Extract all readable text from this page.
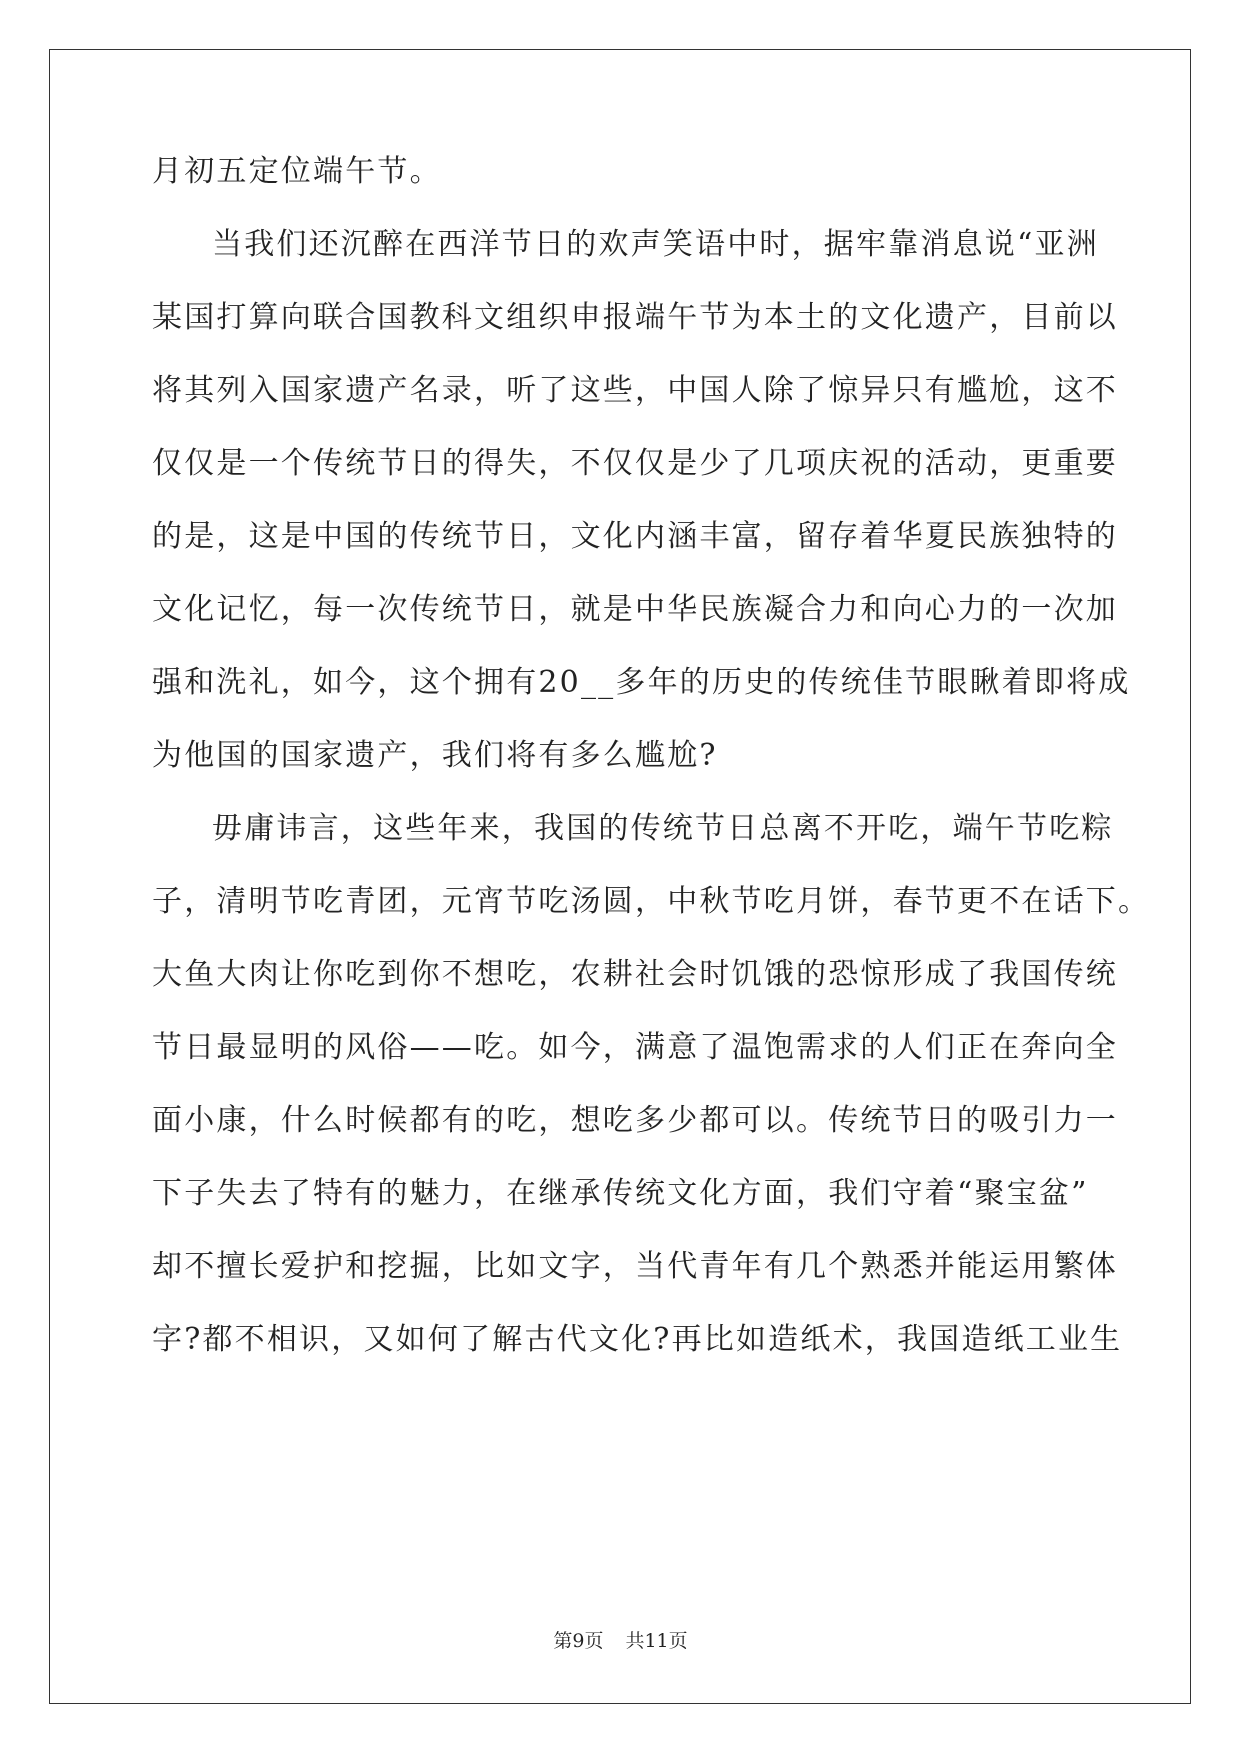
月初五定位端午节。
当我们还沉醉在西洋节日的欢声笑语中时，据牢靠消息说“亚洲
某国打算向联合国教科文组织申报端午节为本土的文化遗产，目前以
将其列入国家遗产名录，听了这些，中国人除了惊异只有尴尬，这不
仅仅是一个传统节日的得失，不仅仅是少了几项庆祝的活动，更重要
的是，这是中国的传统节日，文化内涵丰富，留存着华夏民族独特的
文化记忆，每一次传统节日，就是中华民族凝合力和向心力的一次加
强和洗礼，如今，这个拥有20__多年的历史的传统佳节眼瞅着即将成
为他国的国家遗产，我们将有多么尴尬?
毋庸讳言，这些年来，我国的传统节日总离不开吃，端午节吃粽
子，清明节吃青团，元宵节吃汤圆，中秋节吃月饼，春节更不在话下。
大鱼大肉让你吃到你不想吃，农耕社会时饥饿的恐惊形成了我国传统
节日最显明的风俗——吃。如今，满意了温饱需求的人们正在奔向全
面小康，什么时候都有的吃，想吃多少都可以。传统节日的吸引力一
下子失去了特有的魅力，在继承传统文化方面，我们守着“聚宝盆”
却不擅长爱护和挖掘，比如文字，当代青年有几个熟悉并能运用繁体
字?都不相识，又如何了解古代文化?再比如造纸术，我国造纸工业生
第9页 共11页
